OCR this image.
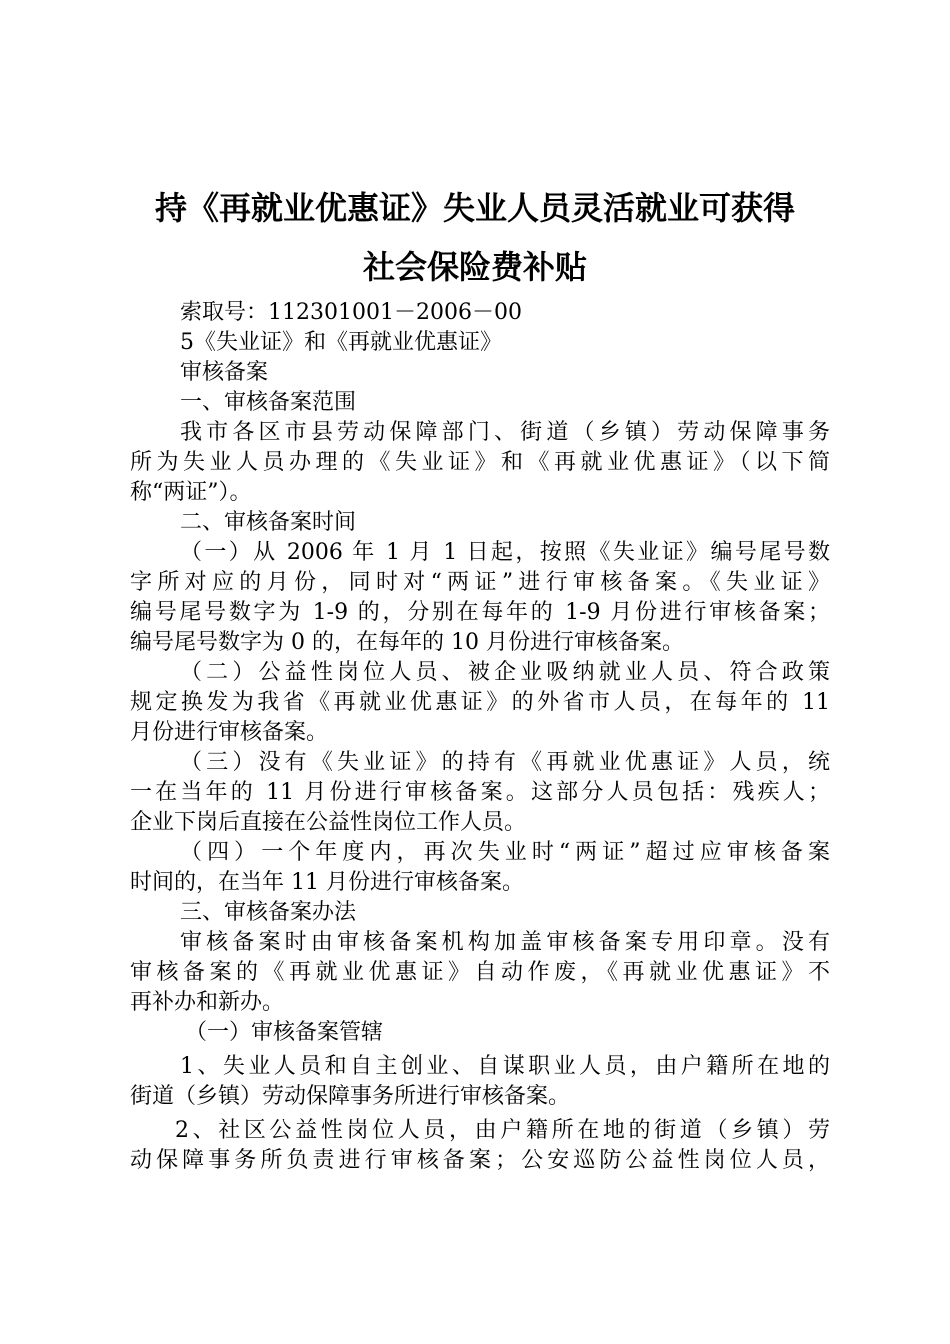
持《再就业优惠证》失业人员灵活就业可获得
社会保险费补贴
索取号：112301001－2006－00
5《失业证》和《再就业优惠证》
审核备案
一、审核备案范围
我市各区市县劳动保障部门、街道（乡镇）劳动保障事务
所为失业人员办理的《失业证》和《再就业优惠证》（以下简
称“两证”）。
二、审核备案时间
（一）从 2006 年 1 月 1 日起，按照《失业证》编号尾号数
字所对应的月份，同时对“两证”进行审核备案。《失业证》
编号尾号数字为 1-9 的，分别在每年的 1-9 月份进行审核备案；
编号尾号数字为 0 的，在每年的 10 月份进行审核备案。
（二）公益性岗位人员、被企业吸纳就业人员、符合政策
规定换发为我省《再就业优惠证》的外省市人员，在每年的 11
月份进行审核备案。
（三）没有《失业证》的持有《再就业优惠证》人员，统
一在当年的 11 月份进行审核备案。这部分人员包括：残疾人；
企业下岗后直接在公益性岗位工作人员。
（四）一个年度内，再次失业时“两证”超过应审核备案
时间的，在当年 11 月份进行审核备案。
三、审核备案办法
审核备案时由审核备案机构加盖审核备案专用印章。没有
审核备案的《再就业优惠证》自动作废，《再就业优惠证》不
再补办和新办。
（一）审核备案管辖
1、失业人员和自主创业、自谋职业人员，由户籍所在地的
街道（乡镇）劳动保障事务所进行审核备案。
2、社区公益性岗位人员，由户籍所在地的街道（乡镇）劳
动保障事务所负责进行审核备案；公安巡防公益性岗位人员，
